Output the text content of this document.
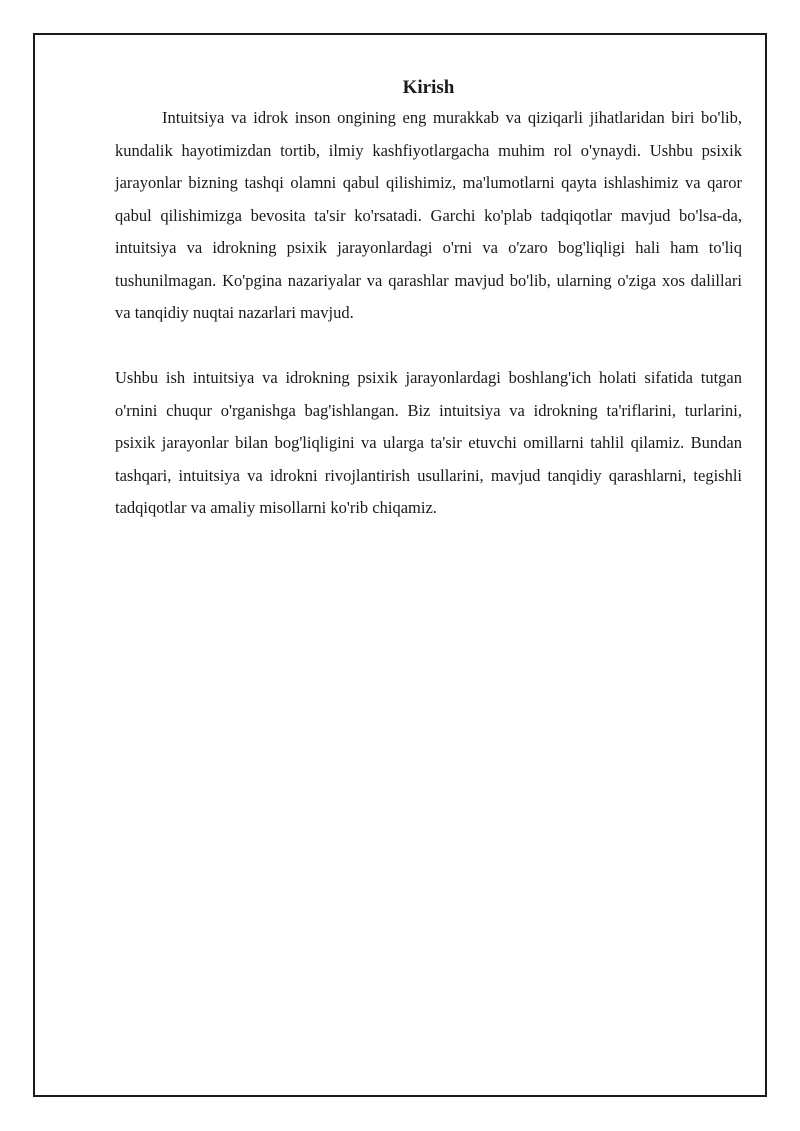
Kirish

Intuitsiya va idrok inson ongining eng murakkab va qiziqarli jihatlaridan biri bo'lib, kundalik hayotimizdan tortib, ilmiy kashfiyotlargacha muhim rol o'ynaydi. Ushbu psixik jarayonlar bizning tashqi olamni qabul qilishimiz, ma'lumotlarni qayta ishlashimiz va qaror qabul qilishimizga bevosita ta'sir ko'rsatadi. Garchi ko'plab tadqiqotlar mavjud bo'lsa-da, intuitsiya va idrokning psixik jarayonlardagi o'rni va o'zaro bog'liqligi hali ham to'liq tushunilmagan. Ko'pgina nazariyalar va qarashlar mavjud bo'lib, ularning o'ziga xos dalillari va tanqidiy nuqtai nazarlari mavjud.

Ushbu ish intuitsiya va idrokning psixik jarayonlardagi boshlang'ich holati sifatida tutgan o'rnini chuqur o'rganishga bag'ishlangan. Biz intuitsiya va idrokning ta'riflarini, turlarini, psixik jarayonlar bilan bog'liqligini va ularga ta'sir etuvchi omillarni tahlil qilamiz. Bundan tashqari, intuitsiya va idrokni rivojlantirish usullarini, mavjud tanqidiy qarashlarni, tegishli tadqiqotlar va amaliy misollarni ko'rib chiqamiz.
